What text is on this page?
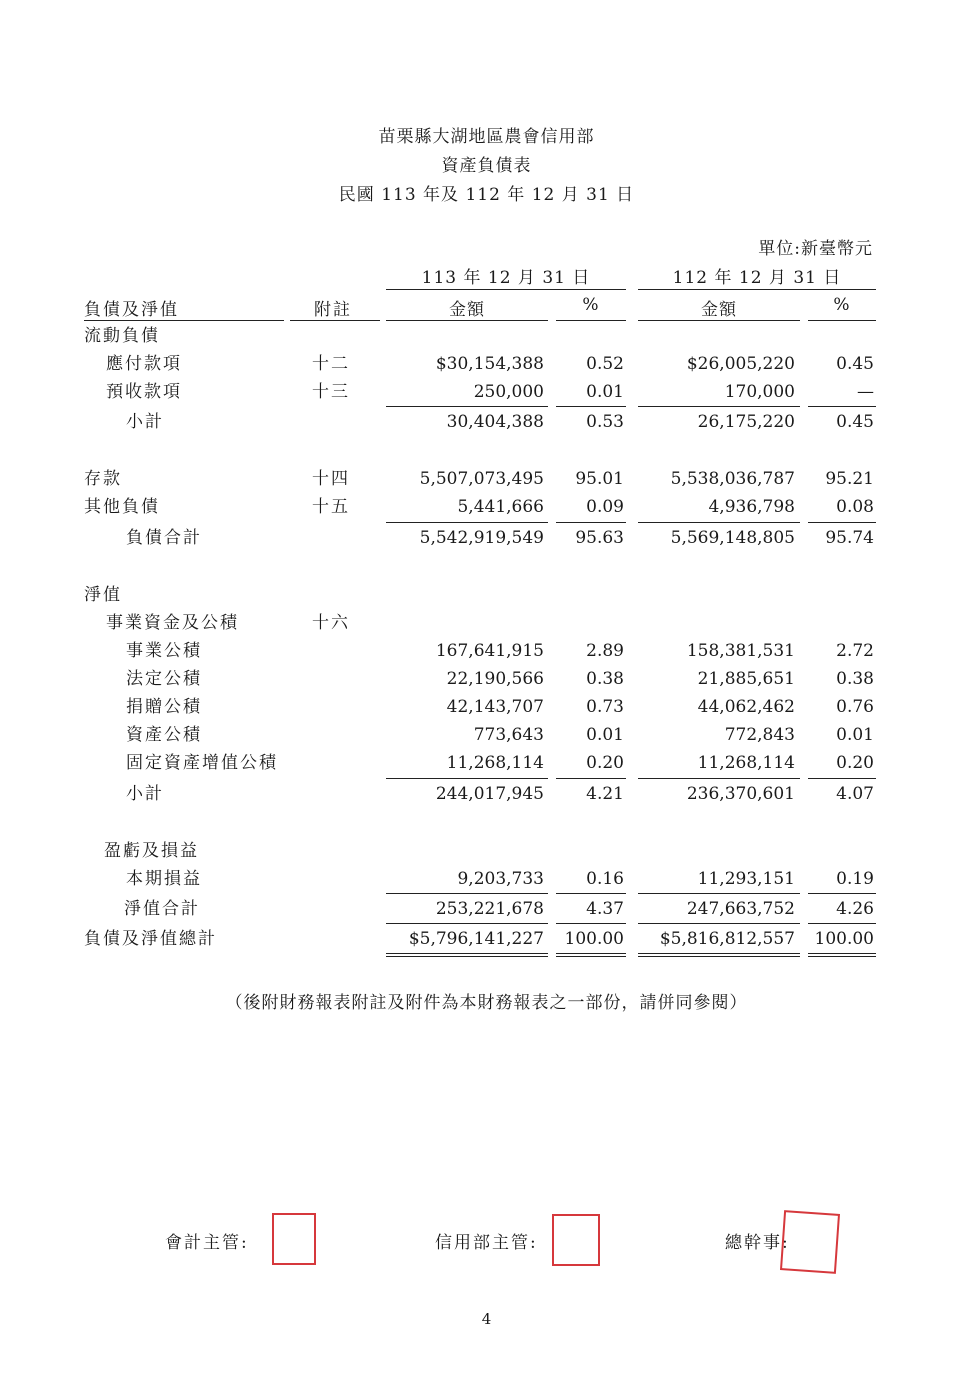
苗栗縣大湖地區農會信用部
資產負債表
民國 113 年及 112 年 12 月 31 日
單位:新臺幣元
113 年 12 月 31 日	112 年 12 月 31 日
負債及淨值	附註	金額	%	金額	%
流動負債
應付款項	十二	$30,154,388 0.52	$26,005,220 0.45
預收款項	十三	250,000 0.01	170,000	—
小計	30,404,388 0.53	26,175,220 0.45
存款	十四	5,507,073,495 95.01	5,538,036,787 95.21
其他負債	十五	5,441,666 0.09	4,936,798 0.08
負債合計	5,542,919,549 95.63	5,569,148,805 95.74
淨值
事業資金及公積	十六
事業公積	167,641,915 2.89	158,381,531 2.72
法定公積	22,190,566 0.38	21,885,651 0.38
捐贈公積	42,143,707 0.73	44,062,462 0.76
資產公積	773,643 0.01	772,843 0.01
固定資產增值公積	11,268,114 0.20	11,268,114 0.20
小計	244,017,945 4.21	236,370,601 4.07
盈虧及損益
本期損益	9,203,733 0.16	11,293,151 0.19
淨值合計	253,221,678 4.37	247,663,752 4.26
負債及淨值總計	$5,796,141,227 100.00 $5,816,812,557 100.00
（後附財務報表附註及附件為本財務報表之一部份，請併同參閱）
會計主管:	信用部主管:	總幹事:
4
